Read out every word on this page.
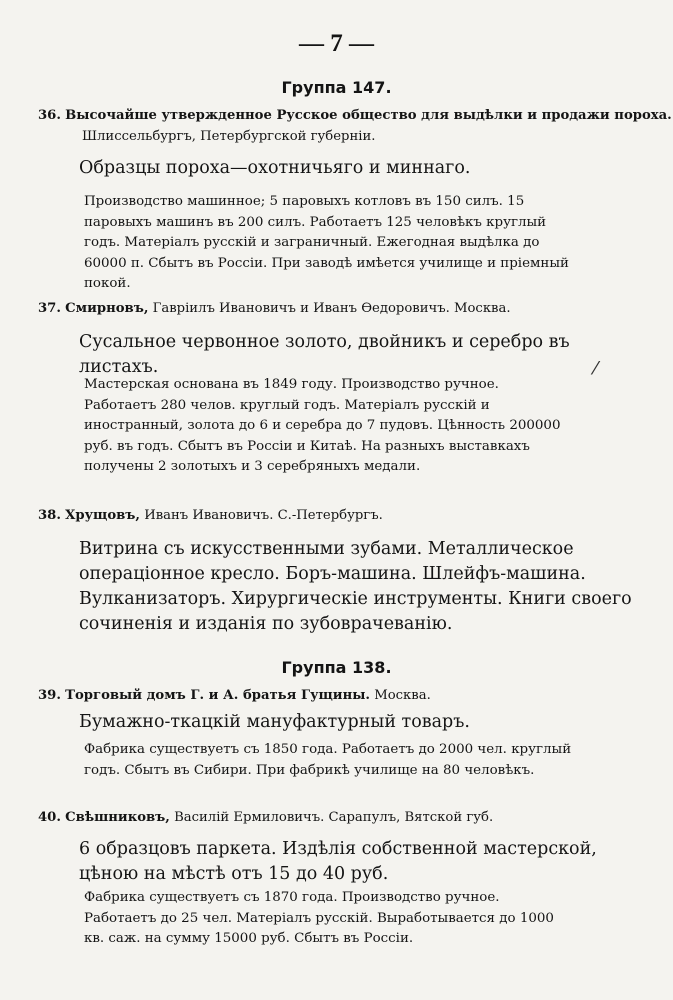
— 7 —
Группа 147.
36. Высочайше утвержденное Русское общество для выдѣлки и продажи пороха. Шлиссельбургъ, Петербургской губерніи.
Образцы пороха—охотничьяго и миннаго.
Производство машинное; 5 паровыхъ котловъ въ 150 силъ. 15 паровыхъ машинъ въ 200 силъ. Работаетъ 125 человѣкъ круглый годъ. Матеріалъ русскій и заграничный. Ежегодная выдѣлка до 60000 п. Сбытъ въ Россіи. При заводѣ имѣется училище и пріемный покой.
37. Смирновъ, Гавріилъ Ивановичъ и Иванъ Ѳедоровичъ. Москва.
Сусальное червонное золото, двойникъ и серебро въ листахъ.
Мастерская основана въ 1849 году. Производство ручное. Работаетъ 280 челов. круглый годъ. Матеріалъ русскій и иностранный, золота до 6 и серебра до 7 пудовъ. Цѣнность 200000 руб. въ годъ. Сбытъ въ Россіи и Китаѣ. На разныхъ выставкахъ получены 2 золотыхъ и 3 серебряныхъ медали.
⁄
38. Хрущовъ, Иванъ Ивановичъ. С.-Петербургъ.
Витрина съ искусственными зубами. Металлическое операціонное кресло. Боръ-машина. Шлейфъ-машина. Вулканизаторъ. Хирургическіе инструменты. Книги своего сочиненія и изданія по зубоврачеванію.
Группа 138.
39. Торговый домъ Г. и А. братья Гущины. Москва.
Бумажно-ткацкій мануфактурный товаръ.
Фабрика существуетъ съ 1850 года. Работаетъ до 2000 чел. круглый годъ. Сбытъ въ Сибири. При фабрикѣ училище на 80 человѣкъ.
40. Свѣшниковъ, Василій Ермиловичъ. Сарапулъ, Вятской губ.
6 образцовъ паркета. Издѣлія собственной мастерской, цѣною на мѣстѣ отъ 15 до 40 руб.
Фабрика существуетъ съ 1870 года. Производство ручное. Работаетъ до 25 чел. Матеріалъ русскій. Выработывается до 1000 кв. саж. на сумму 15000 руб. Сбытъ въ Россіи.
